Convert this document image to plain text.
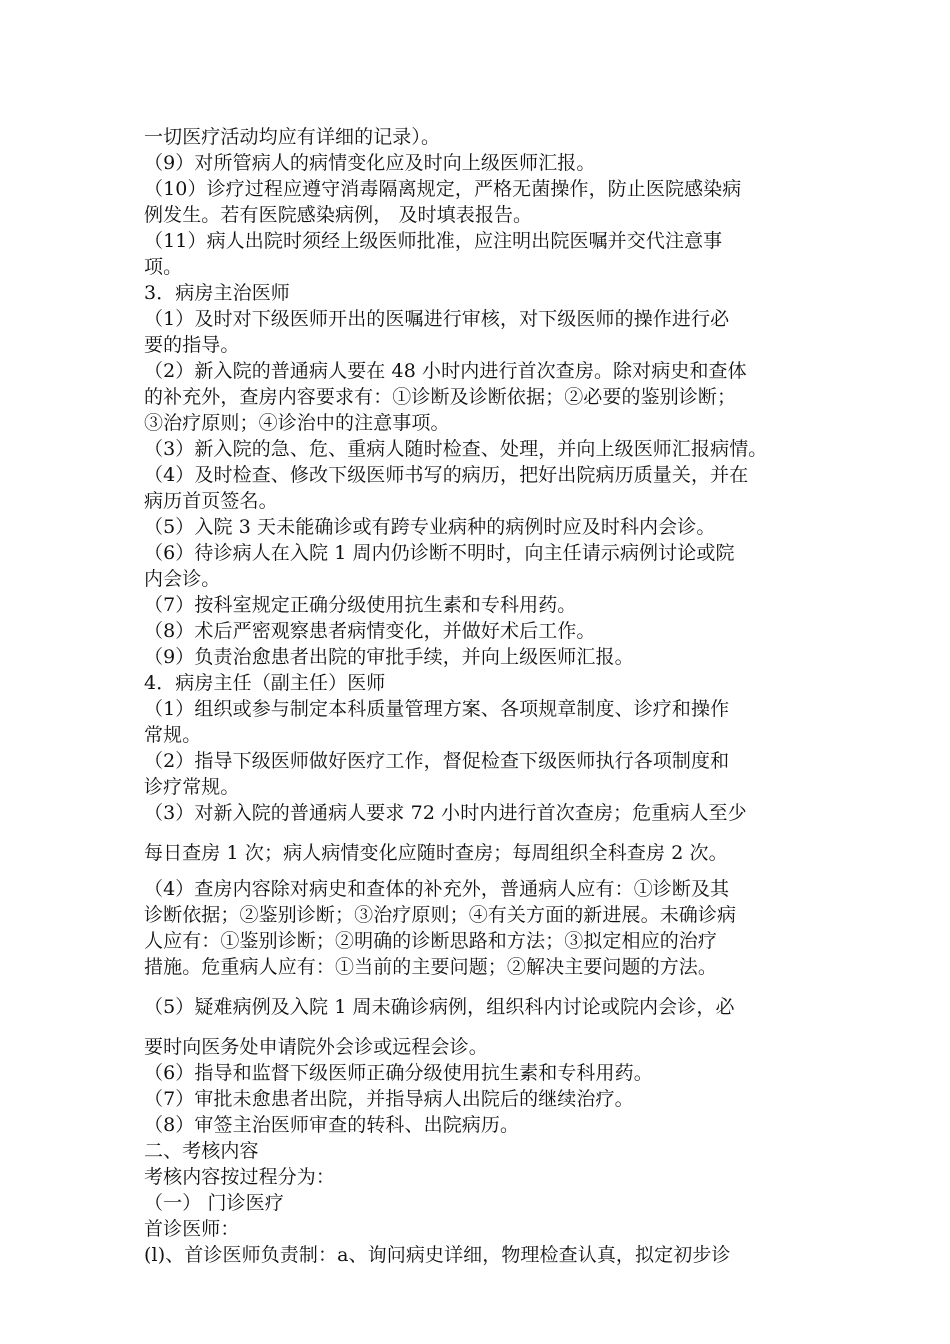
一切医疗活动均应有详细的记录）。
（9）对所管病人的病情变化应及时向上级医师汇报。
（10）诊疗过程应遵守消毒隔离规定，严格无菌操作，防止医院感染病
例发生。若有医院感染病例， 及时填表报告。
（11）病人出院时须经上级医师批准，应注明出院医嘱并交代注意事
项。
3．病房主治医师
（1）及时对下级医师开出的医嘱进行审核，对下级医师的操作进行必
要的指导。
（2）新入院的普通病人要在 48 小时内进行首次查房。除对病史和查体
的补充外，查房内容要求有：①诊断及诊断依据；②必要的鉴别诊断；
③治疗原则；④诊治中的注意事项。
（3）新入院的急、危、重病人随时检查、处理，并向上级医师汇报病情。
（4）及时检查、修改下级医师书写的病历，把好出院病历质量关，并在
病历首页签名。
（5）入院 3 天未能确诊或有跨专业病种的病例时应及时科内会诊。
（6）待诊病人在入院 1 周内仍诊断不明时，向主任请示病例讨论或院
内会诊。
（7）按科室规定正确分级使用抗生素和专科用药。
（8）术后严密观察患者病情变化，并做好术后工作。
（9）负责治愈患者出院的审批手续，并向上级医师汇报。
4．病房主任（副主任）医师
（1）组织或参与制定本科质量管理方案、各项规章制度、诊疗和操作
常规。
（2）指导下级医师做好医疗工作，督促检查下级医师执行各项制度和
诊疗常规。
（3）对新入院的普通病人要求 72 小时内进行首次查房；危重病人至少
每日查房 1 次；病人病情变化应随时查房；每周组织全科查房 2 次。
（4）查房内容除对病史和查体的补充外，普通病人应有：①诊断及其
诊断依据；②鉴别诊断；③治疗原则；④有关方面的新进展。未确诊病
人应有：①鉴别诊断；②明确的诊断思路和方法；③拟定相应的治疗
措施。危重病人应有：①当前的主要问题；②解决主要问题的方法。
（5）疑难病例及入院 1 周未确诊病例，组织科内讨论或院内会诊，必
要时向医务处申请院外会诊或远程会诊。
（6）指导和监督下级医师正确分级使用抗生素和专科用药。
（7）审批未愈患者出院，并指导病人出院后的继续治疗。
（8）审签主治医师审查的转科、出院病历。
二、考核内容
考核内容按过程分为：
（一） 门诊医疗
首诊医师：
(l)、首诊医师负责制：a、询问病史详细，物理检查认真，拟定初步诊
